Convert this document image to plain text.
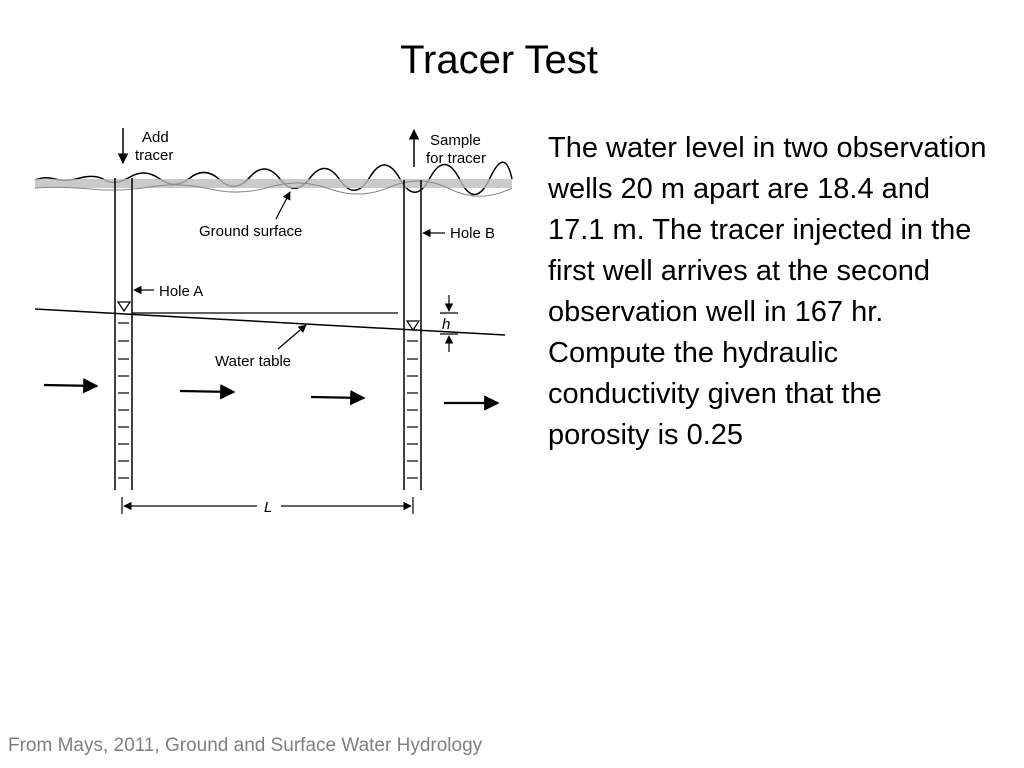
Tracer Test
h
Add
tracer
Sample
for tracer
Ground surface	Hole B
Hole A
Water table
L
The water level in two observation wells 20 m apart are 18.4 and 17.1 m. The tracer injected in the first well arrives at the second observation well in 167 hr. Compute the hydraulic conductivity given that the porosity is 0.25
From Mays, 2011, Ground and Surface Water Hydrology
